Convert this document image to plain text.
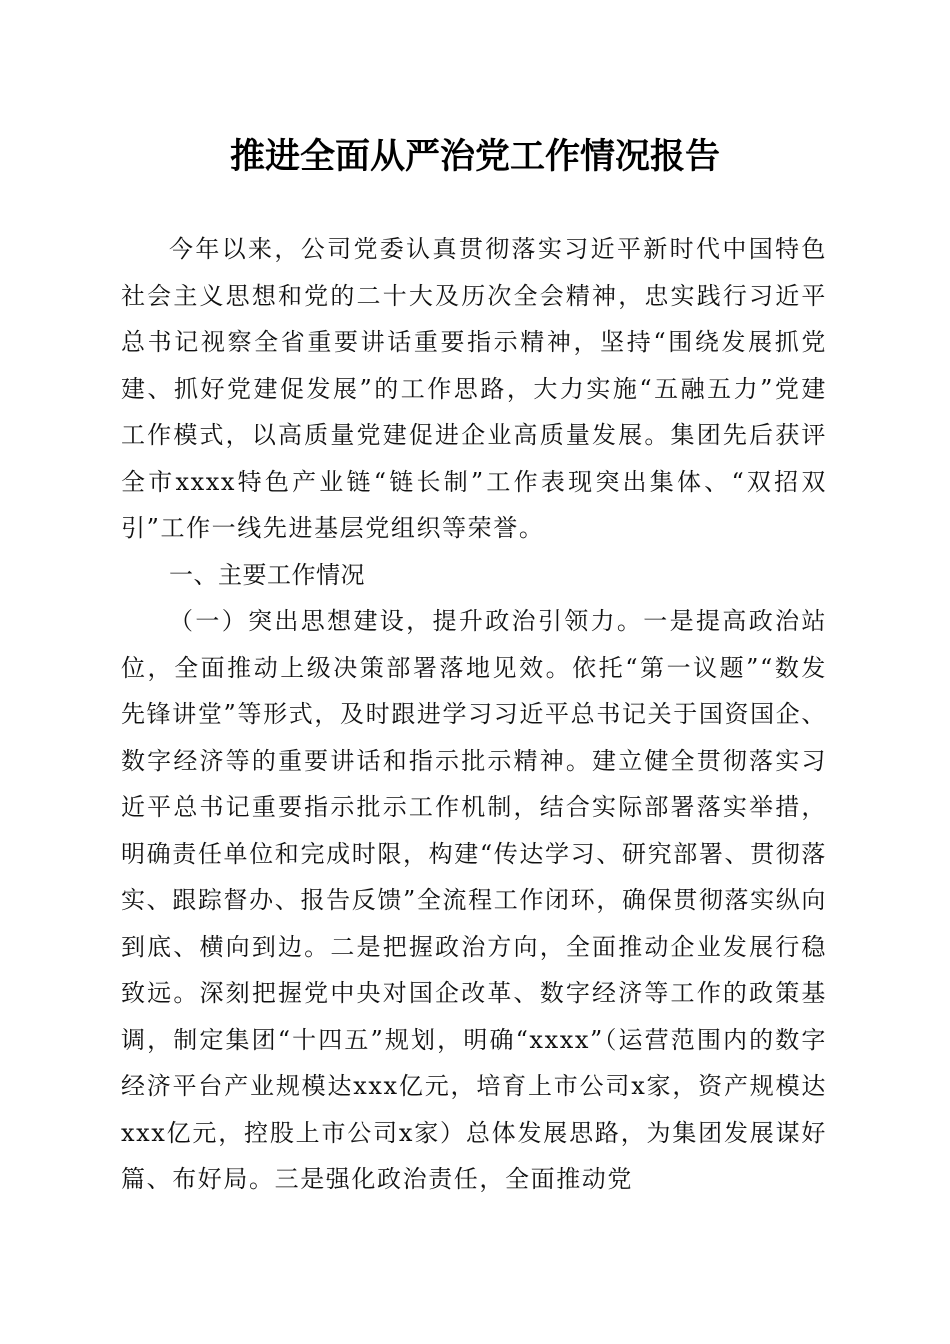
推进全面从严治党工作情况报告

今年以来，公司党委认真贯彻落实习近平新时代中国特色社会主义思想和党的二十大及历次全会精神，忠实践行习近平总书记视察全省重要讲话重要指示精神，坚持“围绕发展抓党建、抓好党建促发展”的工作思路，大力实施“五融五力”党建工作模式，以高质量党建促进企业高质量发展。集团先后获评全市xxxx特色产业链“链长制”工作表现突出集体、“双招双引”工作一线先进基层党组织等荣誉。

一、主要工作情况

（一）突出思想建设，提升政治引领力。一是提高政治站位，全面推动上级决策部署落地见效。依托“第一议题”“数发先锋讲堂”等形式，及时跟进学习习近平总书记关于国资国企、数字经济等的重要讲话和指示批示精神。建立健全贯彻落实习近平总书记重要指示批示工作机制，结合实际部署落实举措，明确责任单位和完成时限，构建“传达学习、研究部署、贯彻落实、跟踪督办、报告反馈”全流程工作闭环，确保贯彻落实纵向到底、横向到边。二是把握政治方向，全面推动企业发展行稳致远。深刻把握党中央对国企改革、数字经济等工作的政策基调，制定集团“十四五”规划，明确“xxxx”（运营范围内的数字经济平台产业规模达xxx亿元，培育上市公司x家，资产规模达xxx亿元，控股上市公司x家）总体发展思路，为集团发展谋好篇、布好局。三是强化政治责任，全面推动党
